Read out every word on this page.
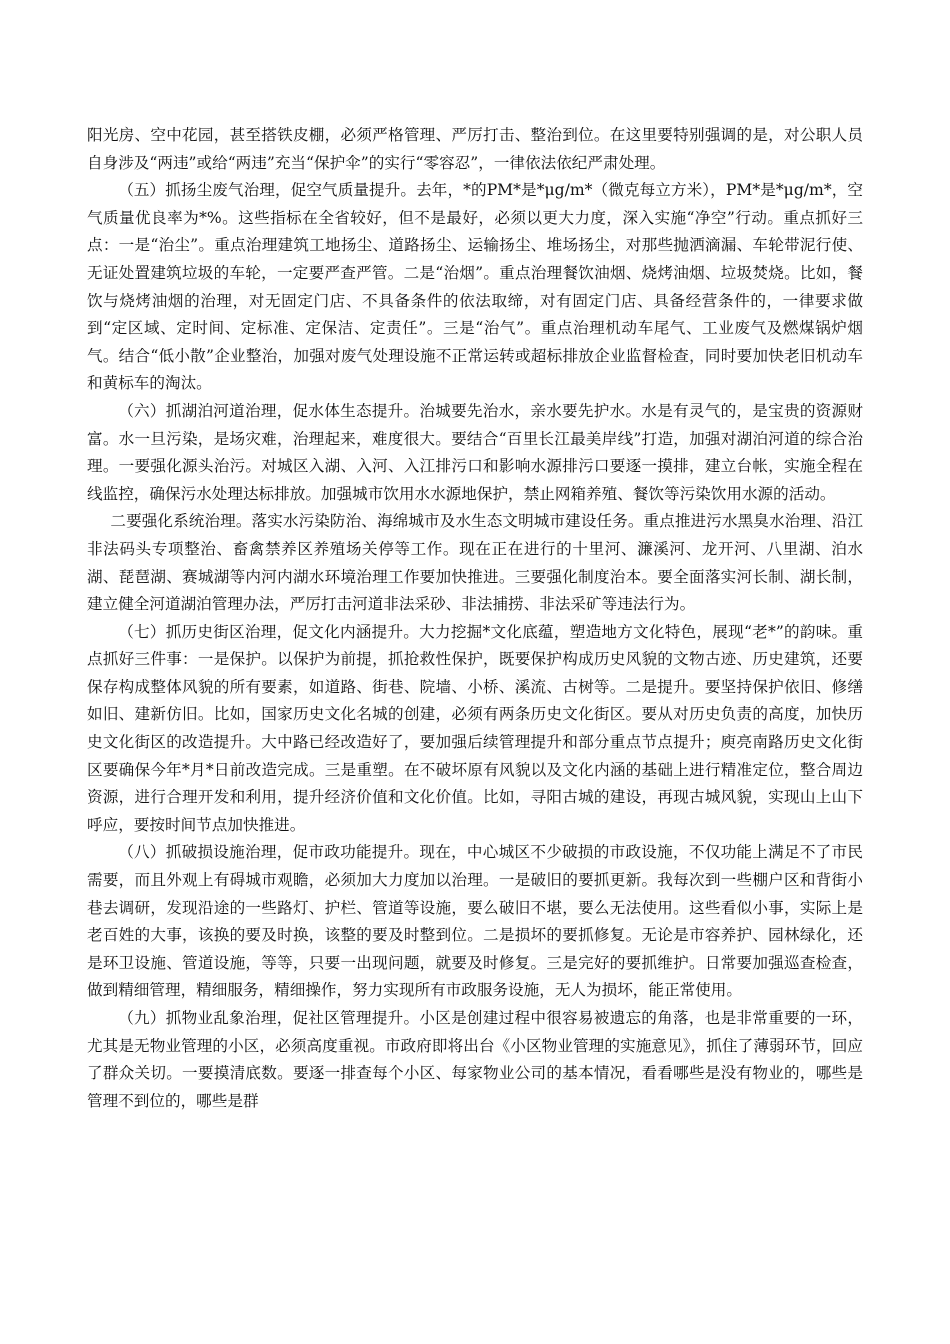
阳光房、空中花园，甚至搭铁皮棚，必须严格管理、严厉打击、整治到位。在这里要特别强调的是，对公职人员自身涉及“两违”或给“两违”充当“保护伞”的实行“零容忍”，一律依法依纪严肃处理。

（五）抓扬尘废气治理，促空气质量提升。去年，*的PM*是*μg/m*（微克每立方米），PM*是*μg/m*，空气质量优良率为*%。这些指标在全省较好，但不是最好，必须以更大力度，深入实施“净空”行动。重点抓好三点：一是“治尘”。重点治理建筑工地扬尘、道路扬尘、运输扬尘、堆场扬尘，对那些抛洒滴漏、车轮带泥行使、无证处置建筑垃圾的车轮，一定要严查严管。二是“治烟”。重点治理餐饮油烟、烧烤油烟、垃圾焚烧。比如，餐饮与烧烤油烟的治理，对无固定门店、不具备条件的依法取缔，对有固定门店、具备经营条件的，一律要求做到“定区域、定时间、定标准、定保洁、定责任”。三是“治气”。重点治理机动车尾气、工业废气及燃煤锅炉烟气。结合“低小散”企业整治，加强对废气处理设施不正常运转或超标排放企业监督检查，同时要加快老旧机动车和黄标车的淘汰。

（六）抓湖泊河道治理，促水体生态提升。治城要先治水，亲水要先护水。水是有灵气的，是宝贵的资源财富。水一旦污染，是场灾难，治理起来，难度很大。要结合“百里长江最美岸线”打造，加强对湖泊河道的综合治理。一要强化源头治污。对城区入湖、入河、入江排污口和影响水源排污口要逐一摸排，建立台帐，实施全程在线监控，确保污水处理达标排放。加强城市饮用水水源地保护，禁止网箱养殖、餐饮等污染饮用水源的活动。

二要强化系统治理。落实水污染防治、海绵城市及水生态文明城市建设任务。重点推进污水黑臭水治理、沿江非法码头专项整治、畜禽禁养区养殖场关停等工作。现在正在进行的十里河、濂溪河、龙开河、八里湖、泊水湖、琵琶湖、赛城湖等内河内湖水环境治理工作要加快推进。三要强化制度治本。要全面落实河长制、湖长制，建立健全河道湖泊管理办法，严厉打击河道非法采砂、非法捕捞、非法采矿等违法行为。

（七）抓历史街区治理，促文化内涵提升。大力挖掘*文化底蕴，塑造地方文化特色，展现“老*”的韵味。重点抓好三件事：一是保护。以保护为前提，抓抢救性保护，既要保护构成历史风貌的文物古迹、历史建筑，还要保存构成整体风貌的所有要素，如道路、街巷、院墙、小桥、溪流、古树等。二是提升。要坚持保护依旧、修缮如旧、建新仿旧。比如，国家历史文化名城的创建，必须有两条历史文化街区。要从对历史负责的高度，加快历史文化街区的改造提升。大中路已经改造好了，要加强后续管理提升和部分重点节点提升；庾亮南路历史文化街区要确保今年*月*日前改造完成。三是重塑。在不破坏原有风貌以及文化内涵的基础上进行精准定位，整合周边资源，进行合理开发和利用，提升经济价值和文化价值。比如，寻阳古城的建设，再现古城风貌，实现山上山下呼应，要按时间节点加快推进。

（八）抓破损设施治理，促市政功能提升。现在，中心城区不少破损的市政设施，不仅功能上满足不了市民需要，而且外观上有碍城市观瞻，必须加大力度加以治理。一是破旧的要抓更新。我每次到一些棚户区和背街小巷去调研，发现沿途的一些路灯、护栏、管道等设施，要么破旧不堪，要么无法使用。这些看似小事，实际上是老百姓的大事，该换的要及时换，该整的要及时整到位。二是损坏的要抓修复。无论是市容养护、园林绿化，还是环卫设施、管道设施，等等，只要一出现问题，就要及时修复。三是完好的要抓维护。日常要加强巡查检查，做到精细管理，精细服务，精细操作，努力实现所有市政服务设施，无人为损坏，能正常使用。

（九）抓物业乱象治理，促社区管理提升。小区是创建过程中很容易被遗忘的角落，也是非常重要的一环，尤其是无物业管理的小区，必须高度重视。市政府即将出台《小区物业管理的实施意见》，抓住了薄弱环节，回应了群众关切。一要摸清底数。要逐一排查每个小区、每家物业公司的基本情况，看看哪些是没有物业的，哪些是管理不到位的，哪些是群
